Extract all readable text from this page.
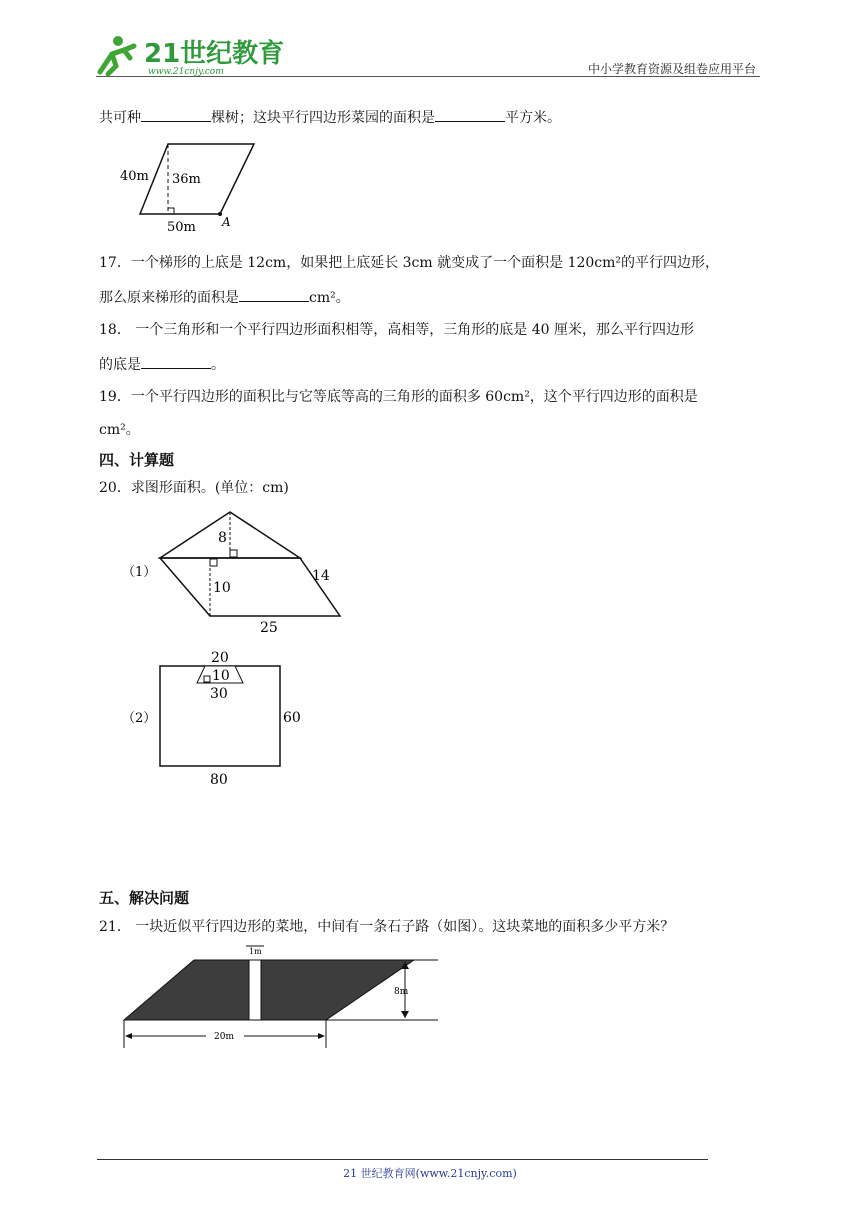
21世纪教育
www.21cnjy.com	中小学教育资源及组卷应用平台
共可种	棵树；这块平行四边形菜园的面积是	平方米。
40m 36m
50m A
17．一个梯形的上底是 12cm，如果把上底延长 3cm 就变成了一个面积是 120cm²的平行四边形，
那么原来梯形的面积是	cm²。
18． 一个三角形和一个平行四边形面积相等，高相等，三角形的底是 40 厘米，那么平行四边形
的底是	。
19．一个平行四边形的面积比与它等底等高的三角形的面积多 60cm²，这个平行四边形的面积是
cm²。
四、计算题
20．求图形面积。(单位：cm)
（1）
8
10
14
25
（2）
20
10
30
60
80
五、解决问题
21． 一块近似平行四边形的菜地，中间有一条石子路（如图）。这块菜地的面积多少平方米？
1m
8m
20m
21 世纪教育网(www.21cnjy.com)
